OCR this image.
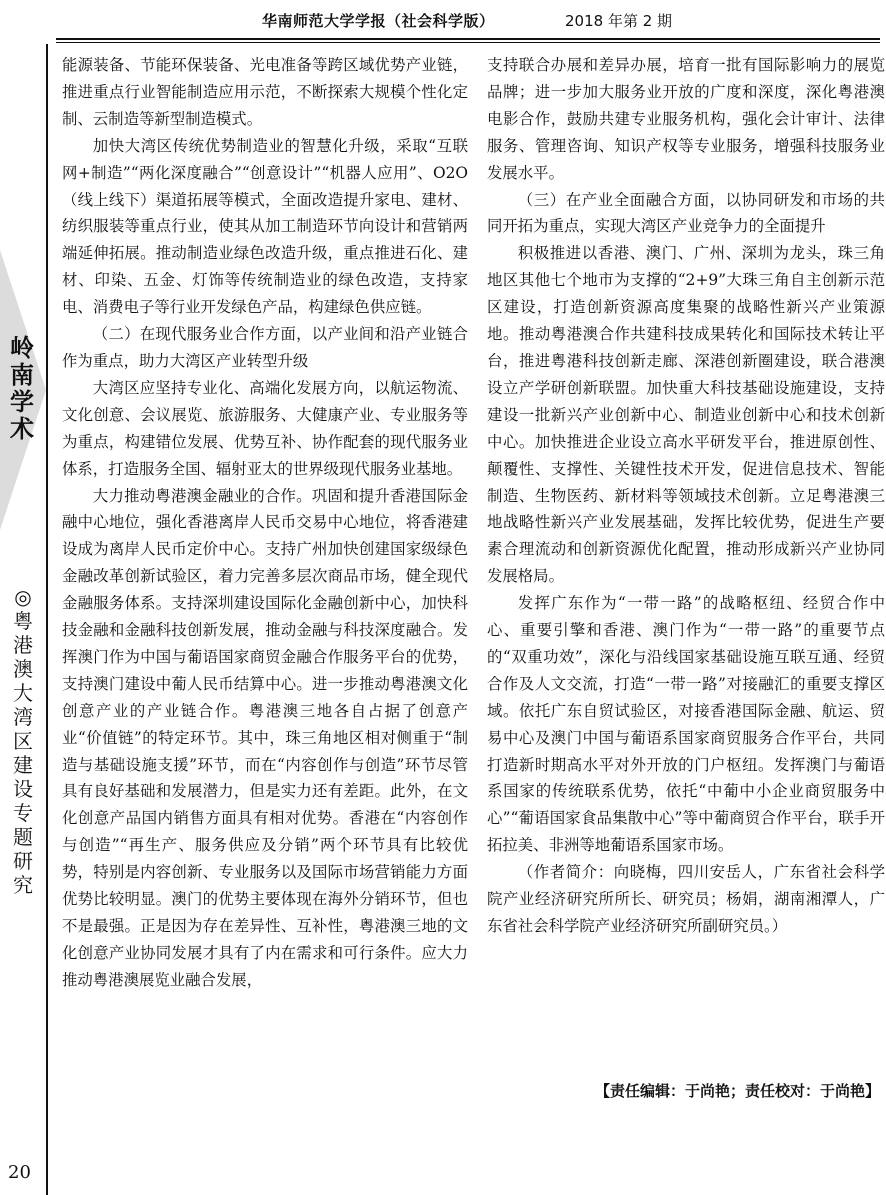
华南师范大学学报（社会科学版）	2018 年第 2 期
岭
南
学
术
◎
粤
港
澳
大
湾
区
建
设
专
题
研
究
20

能源装备、节能环保装备、光电准备等跨区域优势产业链，推进重点行业智能制造应用示范，不断探索大规模个性化定制、云制造等新型制造模式。

加快大湾区传统优势制造业的智慧化升级，采取“互联网+制造”“两化深度融合”“创意设计”“机器人应用”、O2O（线上线下）渠道拓展等模式，全面改造提升家电、建材、纺织服装等重点行业，使其从加工制造环节向设计和营销两端延伸拓展。推动制造业绿色改造升级，重点推进石化、建材、印染、五金、灯饰等传统制造业的绿色改造，支持家电、消费电子等行业开发绿色产品，构建绿色供应链。

（二）在现代服务业合作方面，以产业间和沿产业链合作为重点，助力大湾区产业转型升级

大湾区应坚持专业化、高端化发展方向，以航运物流、文化创意、会议展览、旅游服务、大健康产业、专业服务等为重点，构建错位发展、优势互补、协作配套的现代服务业体系，打造服务全国、辐射亚太的世界级现代服务业基地。

大力推动粤港澳金融业的合作。巩固和提升香港国际金融中心地位，强化香港离岸人民币交易中心地位，将香港建设成为离岸人民币定价中心。支持广州加快创建国家级绿色金融改革创新试验区，着力完善多层次商品市场，健全现代金融服务体系。支持深圳建设国际化金融创新中心，加快科技金融和金融科技创新发展，推动金融与科技深度融合。发挥澳门作为中国与葡语国家商贸金融合作服务平台的优势，支持澳门建设中葡人民币结算中心。进一步推动粤港澳文化创意产业的产业链合作。粤港澳三地各自占据了创意产业“价值链”的特定环节。其中，珠三角地区相对侧重于“制造与基础设施支援”环节，而在“内容创作与创造”环节尽管具有良好基础和发展潜力，但是实力还有差距。此外，在文化创意产品国内销售方面具有相对优势。香港在“内容创作与创造”“再生产、服务供应及分销”两个环节具有比较优势，特别是内容创新、专业服务以及国际市场营销能力方面优势比较明显。澳门的优势主要体现在海外分销环节，但也不是最强。正是因为存在差异性、互补性，粤港澳三地的文化创意产业协同发展才具有了内在需求和可行条件。应大力推动粤港澳展览业融合发展，

支持联合办展和差异办展，培育一批有国际影响力的展览品牌；进一步加大服务业开放的广度和深度，深化粤港澳电影合作，鼓励共建专业服务机构，强化会计审计、法律服务、管理咨询、知识产权等专业服务，增强科技服务业发展水平。

（三）在产业全面融合方面，以协同研发和市场的共同开拓为重点，实现大湾区产业竞争力的全面提升

积极推进以香港、澳门、广州、深圳为龙头，珠三角地区其他七个地市为支撑的“2+9”大珠三角自主创新示范区建设，打造创新资源高度集聚的战略性新兴产业策源地。推动粤港澳合作共建科技成果转化和国际技术转让平台，推进粤港科技创新走廊、深港创新圈建设，联合港澳设立产学研创新联盟。加快重大科技基础设施建设，支持建设一批新兴产业创新中心、制造业创新中心和技术创新中心。加快推进企业设立高水平研发平台，推进原创性、颠覆性、支撑性、关键性技术开发，促进信息技术、智能制造、生物医药、新材料等领域技术创新。立足粤港澳三地战略性新兴产业发展基础，发挥比较优势，促进生产要素合理流动和创新资源优化配置，推动形成新兴产业协同发展格局。

发挥广东作为“一带一路”的战略枢纽、经贸合作中心、重要引擎和香港、澳门作为“一带一路”的重要节点的“双重功效”，深化与沿线国家基础设施互联互通、经贸合作及人文交流，打造“一带一路”对接融汇的重要支撑区域。依托广东自贸试验区，对接香港国际金融、航运、贸易中心及澳门中国与葡语系国家商贸服务合作平台，共同打造新时期高水平对外开放的门户枢纽。发挥澳门与葡语系国家的传统联系优势，依托“中葡中小企业商贸服务中心”“葡语国家食品集散中心”等中葡商贸合作平台，联手开拓拉美、非洲等地葡语系国家市场。

（作者简介：向晓梅，四川安岳人，广东省社会科学院产业经济研究所所长、研究员；杨娟，湖南湘潭人，广东省社会科学院产业经济研究所副研究员。）

【责任编辑：于尚艳；责任校对：于尚艳】
